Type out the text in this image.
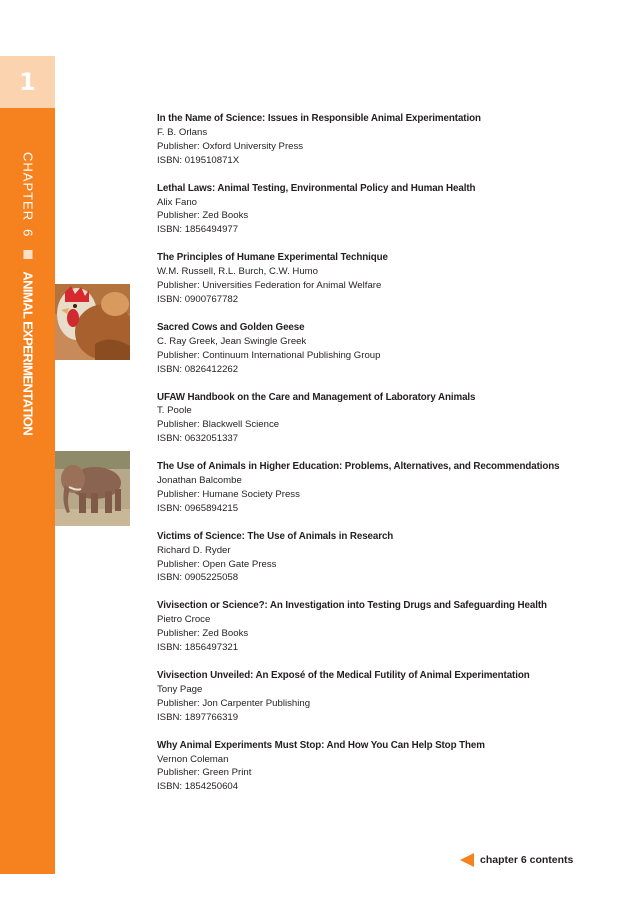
1
CHAPTER
6
ANIMAL EXPERIMENTATION
In the Name of Science: Issues in Responsible Animal Experimentation
F. B. Orlans
Publisher: Oxford University Press
ISBN: 019510871X
Lethal Laws: Animal Testing, Environmental Policy and Human Health
Alix Fano
Publisher: Zed Books
ISBN: 1856494977
The Principles of Humane Experimental Technique
W.M. Russell, R.L. Burch, C.W. Humo
Publisher: Universities Federation for Animal Welfare
ISBN: 0900767782
Sacred Cows and Golden Geese
C. Ray Greek, Jean Swingle Greek
Publisher: Continuum International Publishing Group
ISBN: 0826412262
UFAW Handbook on the Care and Management of Laboratory Animals
T. Poole
Publisher: Blackwell Science
ISBN: 0632051337
The Use of Animals in Higher Education: Problems, Alternatives, and Recommendations
Jonathan Balcombe
Publisher: Humane Society Press
ISBN: 0965894215
Victims of Science: The Use of Animals in Research
Richard D. Ryder
Publisher: Open Gate Press
ISBN: 0905225058
Vivisection or Science?: An Investigation into Testing Drugs and Safeguarding Health
Pietro Croce
Publisher: Zed Books
ISBN: 1856497321
Vivisection Unveiled: An Exposé of the Medical Futility of Animal Experimentation
Tony Page
Publisher: Jon Carpenter Publishing
ISBN: 1897766319
Why Animal Experiments Must Stop: And How You Can Help Stop Them
Vernon Coleman
Publisher: Green Print
ISBN: 1854250604
chapter 6 contents
